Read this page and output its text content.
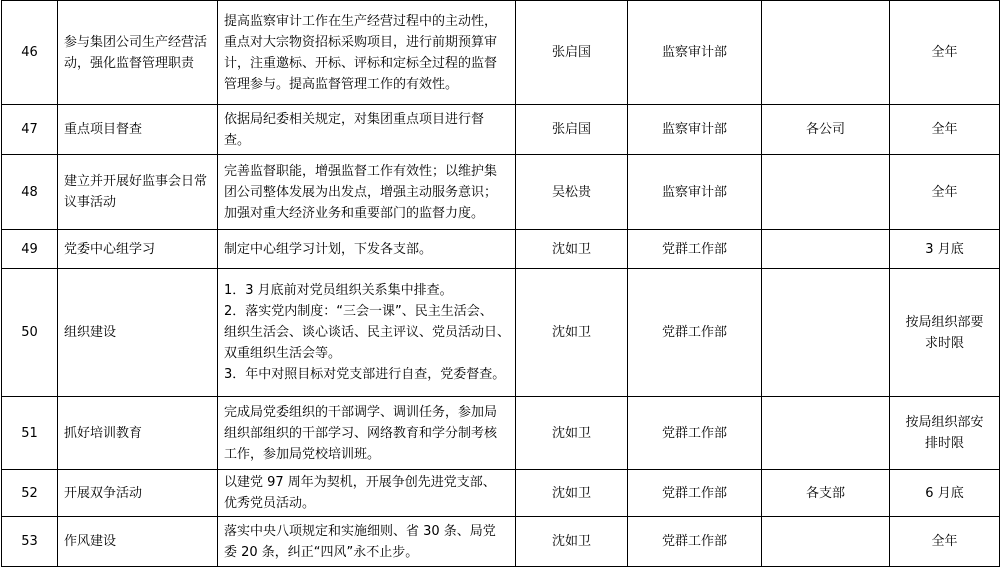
46	参与集团公司生产经营活
动，强化监督管理职责	提高监察审计工作在生产经营过程中的主动性，
重点对大宗物资招标采购项目，进行前期预算审
计，注重邀标、开标、评标和定标全过程的监督
管理参与。提高监督管理工作的有效性。	张启国	监察审计部		全年

47	重点项目督查	依据局纪委相关规定，对集团重点项目进行督
查。	张启国	监察审计部	各公司	全年

48	建立并开展好监事会日常
议事活动	完善监督职能，增强监督工作有效性；以维护集
团公司整体发展为出发点，增强主动服务意识；
加强对重大经济业务和重要部门的监督力度。	吴松贵	监察审计部		全年

49	党委中心组学习	制定中心组学习计划，下发各支部。	沈如卫	党群工作部		3 月底

50	组织建设	1．3 月底前对党员组织关系集中排查。
2．落实党内制度：“三会一课”、民主生活会、
组织生活会、谈心谈话、民主评议、党员活动日、
双重组织生活会等。
3．年中对照目标对党支部进行自查，党委督查。	沈如卫	党群工作部		按局组织部要
求时限

51	抓好培训教育	完成局党委组织的干部调学、调训任务，参加局
组织部组织的干部学习、网络教育和学分制考核
工作，参加局党校培训班。	沈如卫	党群工作部		按局组织部安
排时限

52	开展双争活动	以建党 97 周年为契机，开展争创先进党支部、
优秀党员活动。	沈如卫	党群工作部	各支部	6 月底

53	作风建设	落实中央八项规定和实施细则、省 30 条、局党
委 20 条，纠正“四风”永不止步。	沈如卫	党群工作部		全年
